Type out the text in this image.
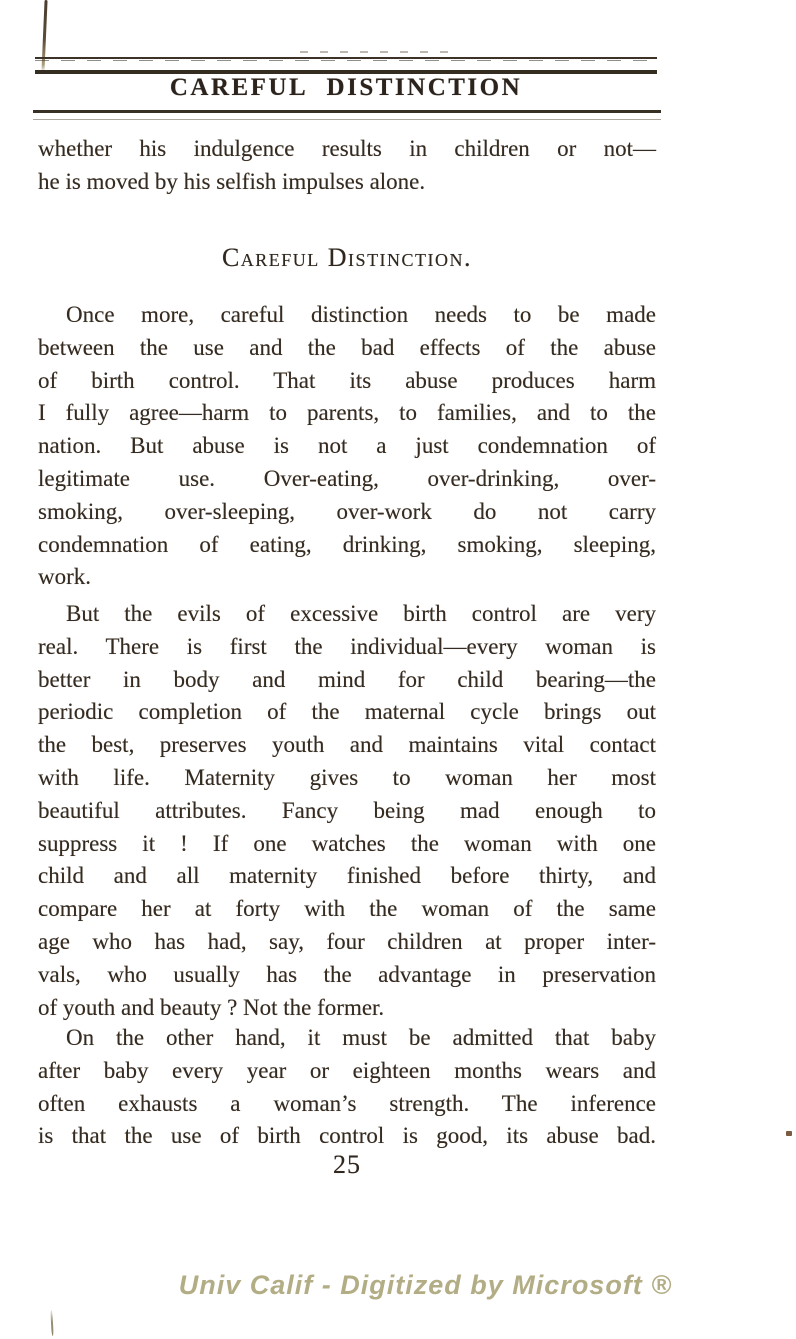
CAREFUL DISTINCTION
whether his indulgence results in children or not—
he is moved by his selfish impulses alone.
Careful Distinction.
Once more, careful distinction needs to be made
between the use and the bad effects of the abuse
of birth control. That its abuse produces harm
I fully agree—harm to parents, to families, and to the
nation. But abuse is not a just condemnation of
legitimate use. Over-eating, over-drinking, over-
smoking, over-sleeping, over-work do not carry
condemnation of eating, drinking, smoking, sleeping,
work.
But the evils of excessive birth control are very
real. There is first the individual—every woman is
better in body and mind for child bearing—the
periodic completion of the maternal cycle brings out
the best, preserves youth and maintains vital contact
with life. Maternity gives to woman her most
beautiful attributes. Fancy being mad enough to
suppress it ! If one watches the woman with one
child and all maternity finished before thirty, and
compare her at forty with the woman of the same
age who has had, say, four children at proper inter-
vals, who usually has the advantage in preservation
of youth and beauty ? Not the former.
On the other hand, it must be admitted that baby
after baby every year or eighteen months wears and
often exhausts a woman’s strength. The inference
is that the use of birth control is good, its abuse bad.
25
Univ Calif - Digitized by Microsoft ®
